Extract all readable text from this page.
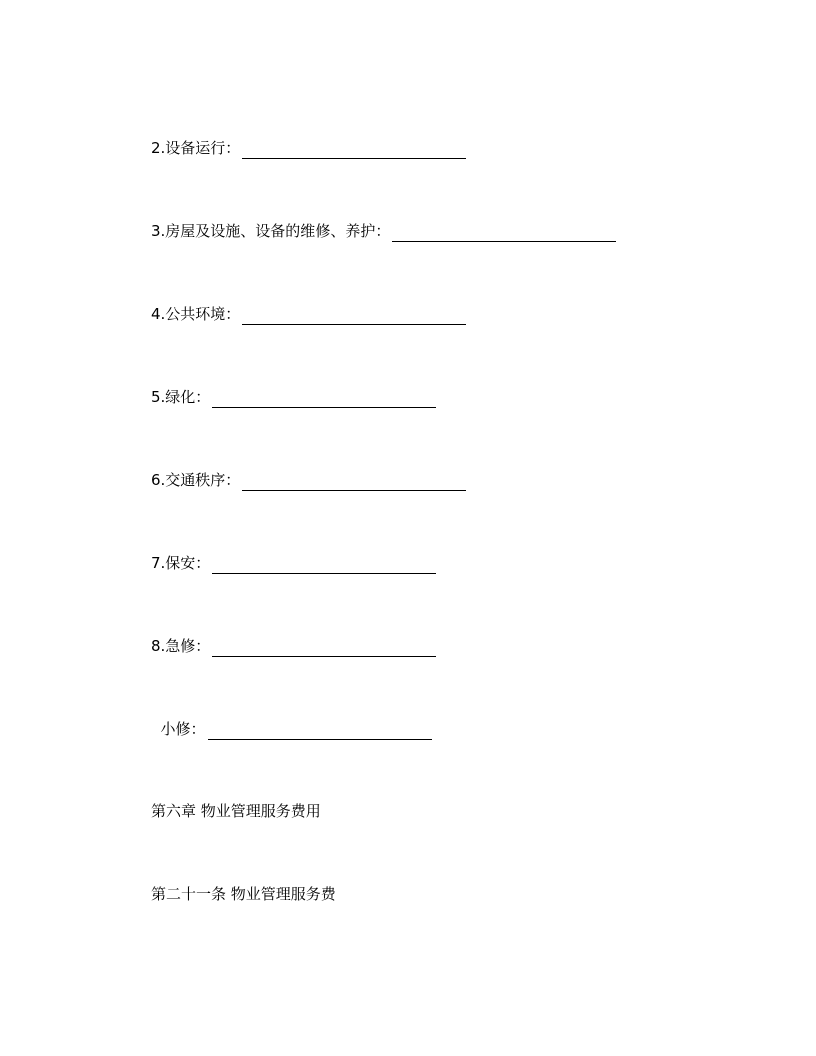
2.设备运行：
3.房屋及设施、设备的维修、养护：
4.公共环境：
5.绿化：
6.交通秩序：
7.保安：
8.急修：
小修：
第六章 物业管理服务费用
第二十一条 物业管理服务费
